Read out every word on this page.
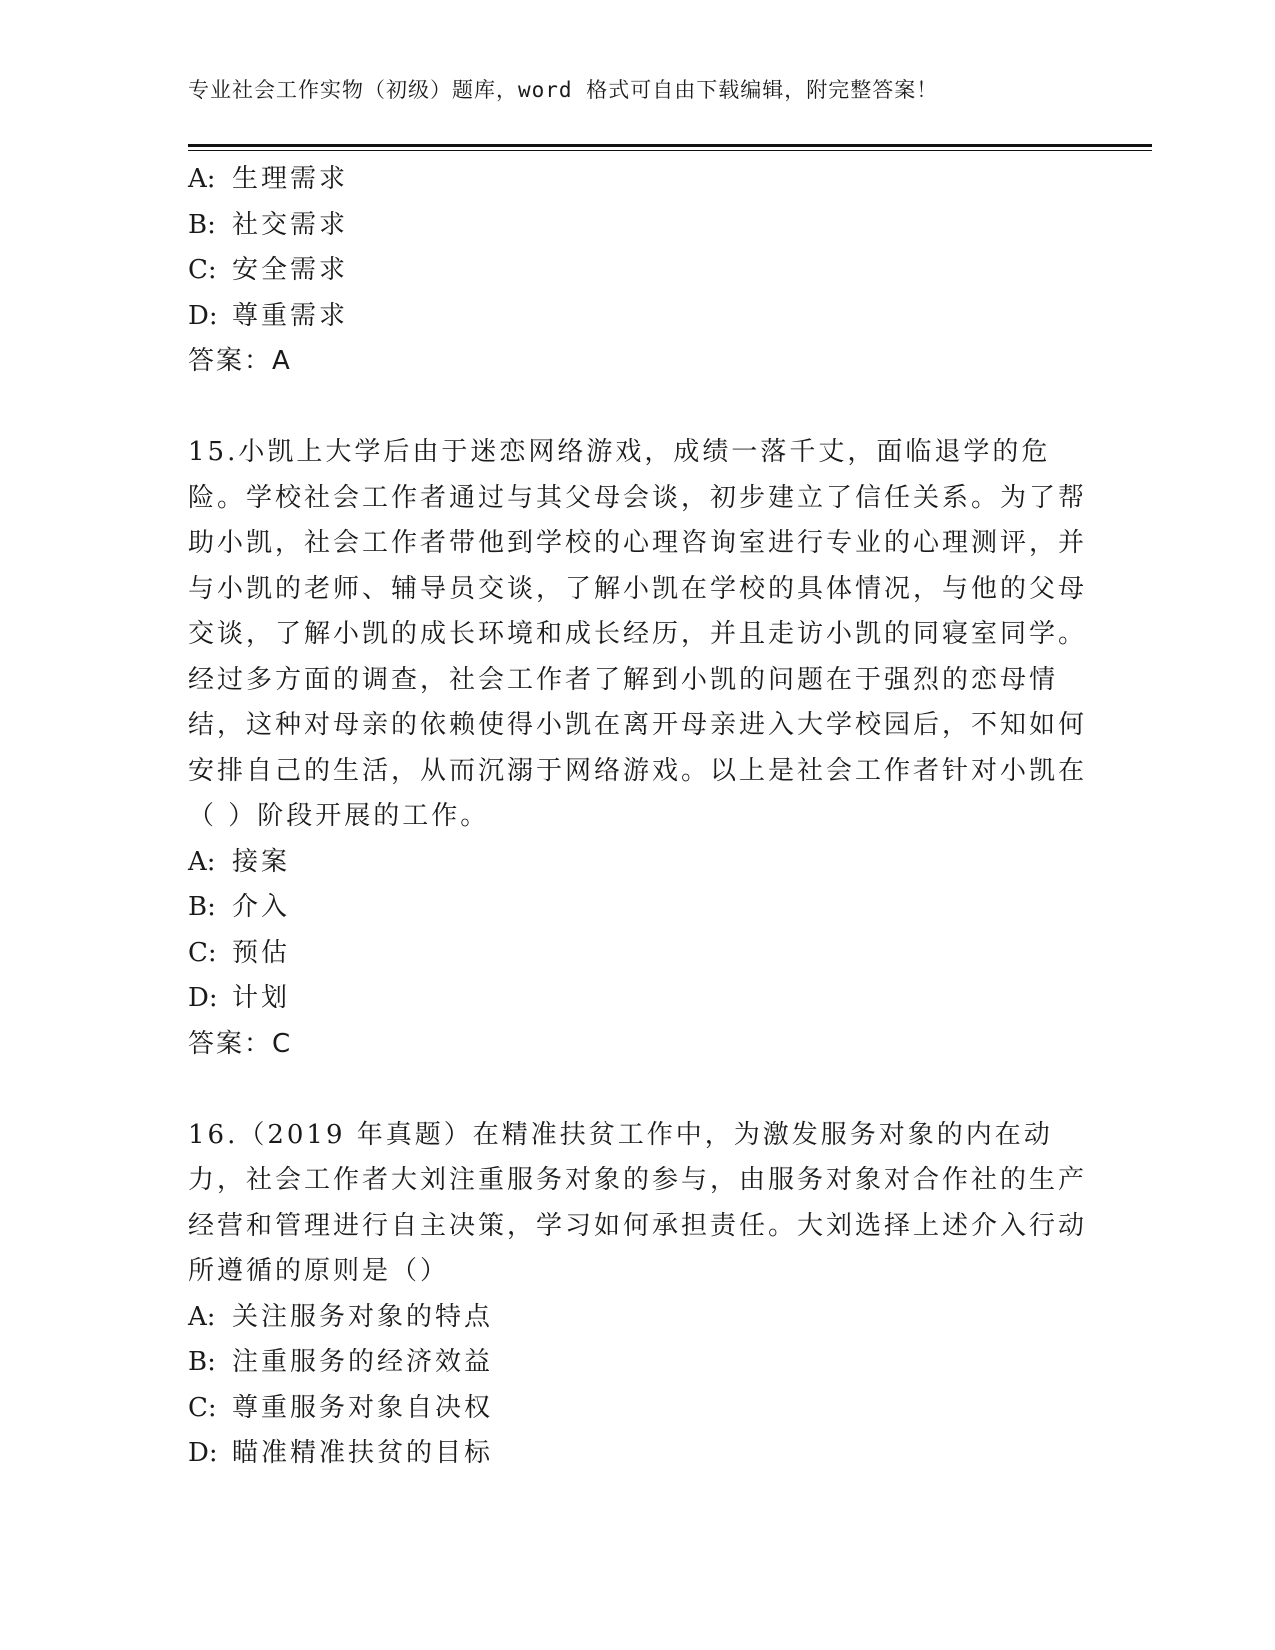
专业社会工作实物（初级）题库，word 格式可自由下载编辑，附完整答案！
A: 生理需求
B: 社交需求
C: 安全需求
D: 尊重需求
答案：A
15.小凯上大学后由于迷恋网络游戏，成绩一落千丈，面临退学的危险。学校社会工作者通过与其父母会谈，初步建立了信任关系。为了帮助小凯，社会工作者带他到学校的心理咨询室进行专业的心理测评，并与小凯的老师、辅导员交谈，了解小凯在学校的具体情况，与他的父母交谈，了解小凯的成长环境和成长经历，并且走访小凯的同寝室同学。经过多方面的调查，社会工作者了解到小凯的问题在于强烈的恋母情结，这种对母亲的依赖使得小凯在离开母亲进入大学校园后，不知如何安排自己的生活，从而沉溺于网络游戏。以上是社会工作者针对小凯在（ ）阶段开展的工作。
A: 接案
B: 介入
C: 预估
D: 计划
答案：C
16.（2019 年真题）在精准扶贫工作中，为激发服务对象的内在动力，社会工作者大刘注重服务对象的参与，由服务对象对合作社的生产经营和管理进行自主决策，学习如何承担责任。大刘选择上述介入行动所遵循的原则是（）
A: 关注服务对象的特点
B: 注重服务的经济效益
C: 尊重服务对象自决权
D: 瞄准精准扶贫的目标
